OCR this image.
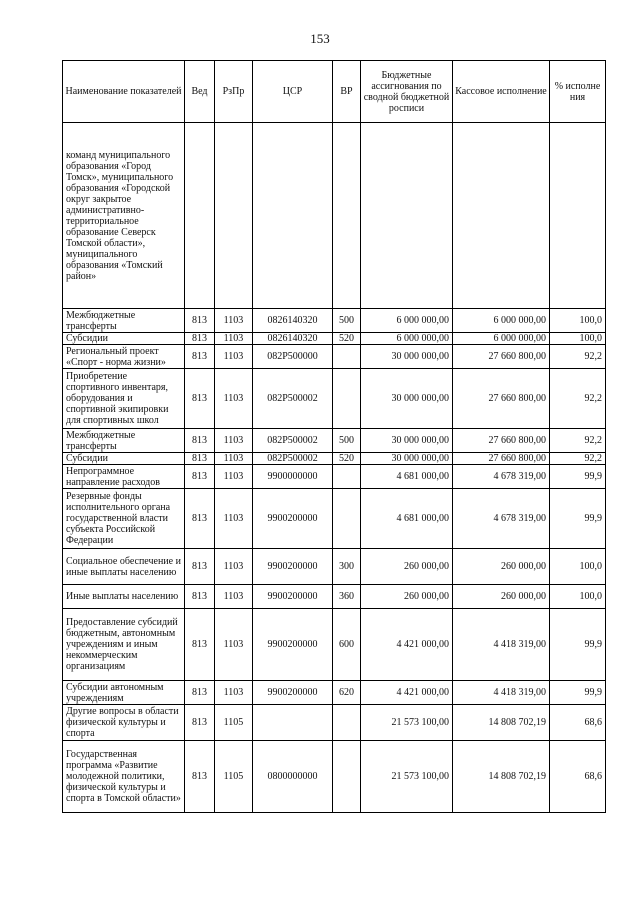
153
Наименование показателей	Вед	РзПр	ЦСР	ВР	Бюджетные ассигнования по сводной бюджетной росписи	Кассовое исполнение	% исполне ния
команд муниципального образования «Город Томск», муниципального образования «Городской округ закрытое административно-территориальное образование Северск Томской области», муниципального образования «Томский район»							
Межбюджетные трансферты	813	1103	0826140320	500	6 000 000,00	6 000 000,00	100,0
Субсидии	813	1103	0826140320	520	6 000 000,00	6 000 000,00	100,0
Региональный проект «Спорт - норма жизни»	813	1103	082P500000		30 000 000,00	27 660 800,00	92,2
Приобретение спортивного инвентаря, оборудования и спортивной экипировки для спортивных школ	813	1103	082P500002		30 000 000,00	27 660 800,00	92,2
Межбюджетные трансферты	813	1103	082P500002	500	30 000 000,00	27 660 800,00	92,2
Субсидии	813	1103	082P500002	520	30 000 000,00	27 660 800,00	92,2
Непрограммное направление расходов	813	1103	9900000000		4 681 000,00	4 678 319,00	99,9
Резервные фонды исполнительного органа государственной власти субъекта Российской Федерации	813	1103	9900200000		4 681 000,00	4 678 319,00	99,9
Социальное обеспечение и иные выплаты населению	813	1103	9900200000	300	260 000,00	260 000,00	100,0
Иные выплаты населению	813	1103	9900200000	360	260 000,00	260 000,00	100,0
Предоставление субсидий бюджетным, автономным учреждениям и иным некоммерческим организациям	813	1103	9900200000	600	4 421 000,00	4 418 319,00	99,9
Субсидии автономным учреждениям	813	1103	9900200000	620	4 421 000,00	4 418 319,00	99,9
Другие вопросы в области физической культуры и спорта	813	1105			21 573 100,00	14 808 702,19	68,6
Государственная программа «Развитие молодежной политики, физической культуры и спорта в Томской области»	813	1105	0800000000		21 573 100,00	14 808 702,19	68,6
